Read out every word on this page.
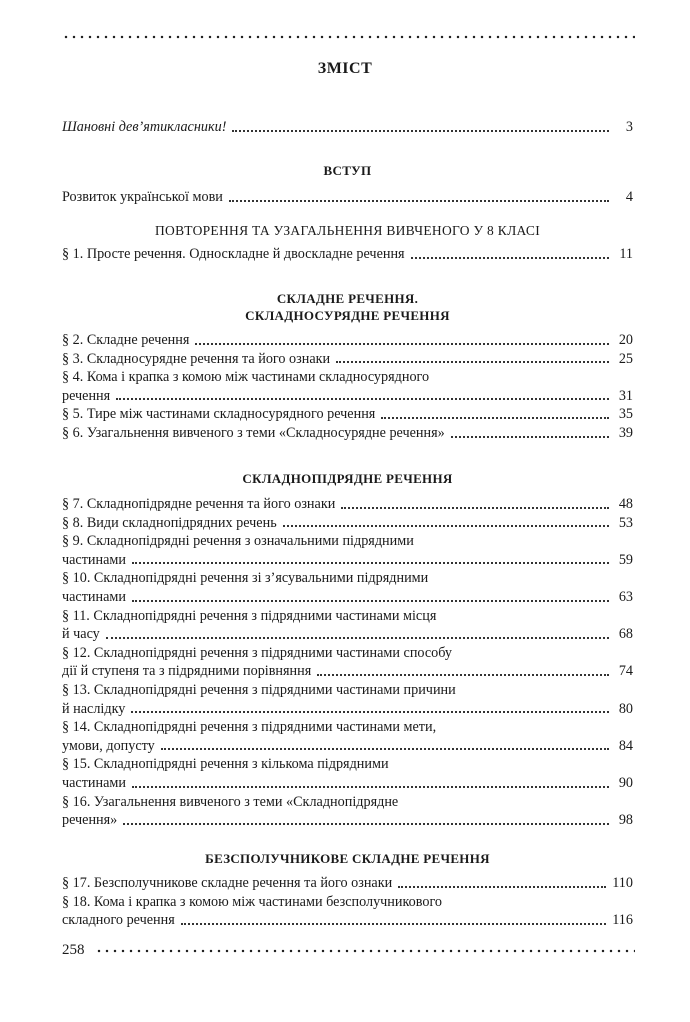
ЗМІСТ
Шановні дев’ятикласники!	3
ВСТУП
Розвиток української мови	4
ПОВТОРЕННЯ ТА УЗАГАЛЬНЕННЯ ВИВЧЕНОГО У 8 КЛАСІ
§ 1. Просте речення. Односкладне й двоскладне речення	11
СКЛАДНЕ РЕЧЕННЯ.
СКЛАДНОСУРЯДНЕ РЕЧЕННЯ
§ 2. Складне речення	20
§ 3. Складносурядне речення та його ознаки	25
§ 4. Кома і крапка з комою між частинами складносурядного
речення	31
§ 5. Тире між частинами складносурядного речення	35
§ 6. Узагальнення вивченого з теми «Складносурядне речення»	39
СКЛАДНОПІДРЯДНЕ РЕЧЕННЯ
§ 7. Складнопідрядне речення та його ознаки	48
§ 8. Види складнопідрядних речень	53
§ 9. Складнопідрядні речення з означальними підрядними
частинами	59
§ 10. Складнопідрядні речення зі з’ясувальними підрядними
частинами	63
§ 11. Складнопідрядні речення з підрядними частинами місця
й часу	68
§ 12. Складнопідрядні речення з підрядними частинами способу
дії й ступеня та з підрядними порівняння	74
§ 13. Складнопідрядні речення з підрядними частинами причини
й наслідку	80
§ 14. Складнопідрядні речення з підрядними частинами мети,
умови, допусту	84
§ 15. Складнопідрядні речення з кількома підрядними
частинами	90
§ 16. Узагальнення вивченого з теми «Складнопідрядне
речення»	98
БЕЗСПОЛУЧНИКОВЕ СКЛАДНЕ РЕЧЕННЯ
§ 17. Безсполучникове складне речення та його ознаки	110
§ 18. Кома і крапка з комою між частинами безсполучникового
складного речення	116
258
